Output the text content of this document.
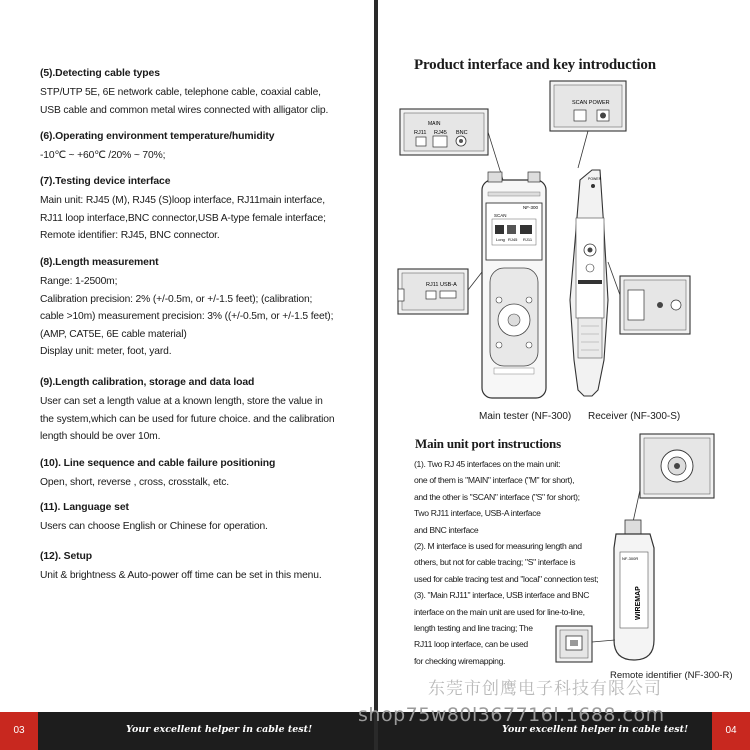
(5).Detecting cable types

STP/UTP 5E, 6E network cable, telephone cable, coaxial cable,
USB cable and common metal wires connected with alligator clip.

(6).Operating environment temperature/humidity

-10℃ ~ +60℃ /20% ~ 70%;

(7).Testing device interface

Main unit: RJ45 (M), RJ45 (S)loop interface, RJ11main interface,
RJ11 loop interface,BNC connector,USB A-type female interface;
Remote identifier: RJ45, BNC connector.

(8).Length measurement

Range: 1-2500m;
Calibration precision: 2% (+/-0.5m, or +/-1.5 feet); (calibration;
cable >10m) measurement precision: 3% ((+/-0.5m, or +/-1.5 feet);
(AMP, CAT5E, 6E cable material)
Display unit: meter, foot, yard.

(9).Length calibration, storage and data load

User can set a length value at a known length, store the value in
the system,which can be used for future choice. and the calibration
length should be over 10m.

(10). Line sequence and cable failure positioning

Open, short, reverse , cross, crosstalk, etc.

(11). Language set

Users can choose English or Chinese for operation.

(12). Setup

Unit & brightness & Auto-power off time can be set in this menu.

Product interface and key introduction
MAIN
RJ11 RJ45 BNC
SCAN POWER
RJ11 USB-A
NF-300
SCAN
Long RJ45 RJ11
POWER
NF-300R
WIREMAP
Main tester (NF-300) Receiver (NF-300-S)
Main unit port instructions

(1). Two RJ 45 interfaces on the main unit:
one of them is "MAIN" interface ("M" for short),
and the other is "SCAN" interface ("S" for short);
Two RJ11 interface, USB-A interface
and BNC interface
(2). M interface is used for measuring length and
others, but not for cable tracing; "S" interface is
used for cable tracing test and "local" connection test;
(3). "Main RJ11" interface, USB interface and BNC
interface on the main unit are used for line-to-line,
length testing and line tracing; The
RJ11 loop interface, can be used
for checking wiremapping.

Remote identifier (NF-300-R)
03	Your excellent helper in cable test!	Your excellent helper in cable test!	04
东莞市创鹰电子科技有限公司
shop75w80l367716l.1688.com
